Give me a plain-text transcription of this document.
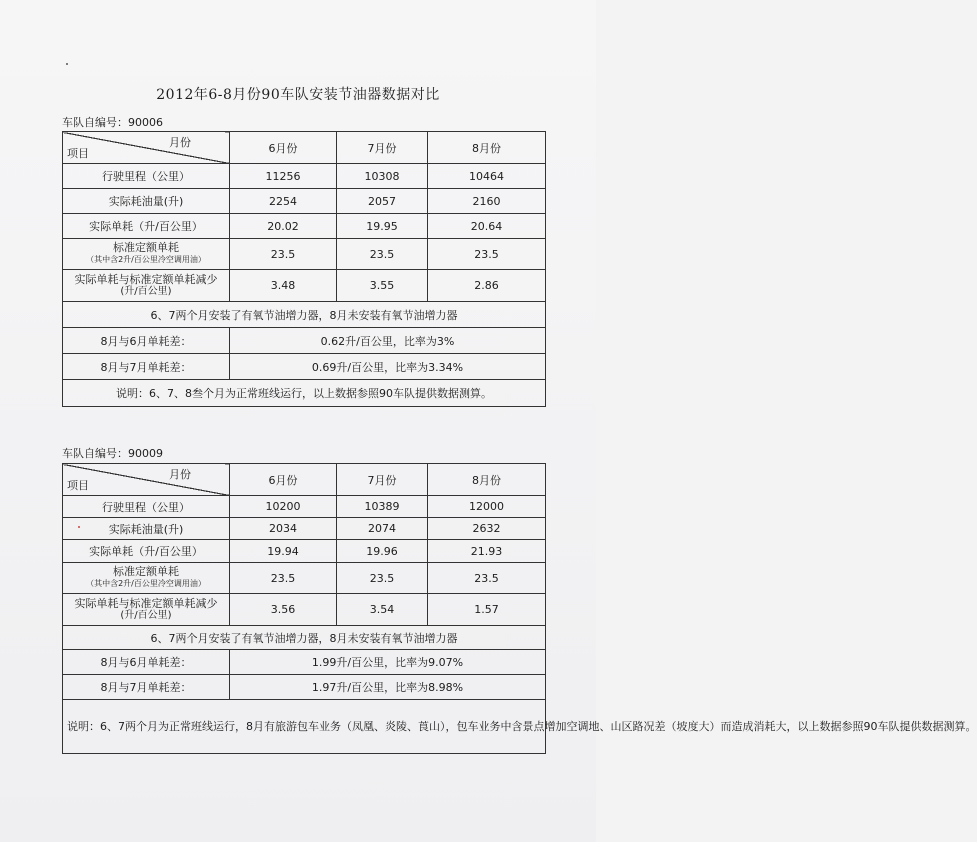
2012年6-8月份90车队安装节油器数据对比
车队自编号：90006
月份
项目	6月份	7月份	8月份
行驶里程（公里）	11256	10308	10464
实际耗油量(升)	2254	2057	2160
实际单耗（升/百公里）	20.02	19.95	20.64
标准定额单耗
（其中含2升/百公里冷空调用油）	23.5	23.5	23.5
实际单耗与标准定额单耗减少
(升/百公里)	3.48	3.55	2.86
6、7两个月安装了有氧节油增力器，8月未安装有氧节油增力器			
8月与6月单耗差：	0.62升/百公里，比率为3%		
8月与7月单耗差：	0.69升/百公里，比率为3.34%		
说明：6、7、8叁个月为正常班线运行，以上数据参照90车队提供数据测算。			
车队自编号：90009
月份
项目	6月份	7月份	8月份
行驶里程（公里）	10200	10389	12000
实际耗油量(升)	2034	2074	2632
实际单耗（升/百公里）	19.94	19.96	21.93
标准定额单耗
（其中含2升/百公里冷空调用油）	23.5	23.5	23.5
实际单耗与标准定额单耗减少
(升/百公里)	3.56	3.54	1.57
6、7两个月安装了有氧节油增力器，8月未安装有氧节油增力器			
8月与6月单耗差：	1.99升/百公里，比率为9.07%		
8月与7月单耗差：	1.97升/百公里，比率为8.98%		
说明：6、7两个月为正常班线运行，8月有旅游包车业务（凤凰、炎陵、莨山），包车业务中含景点增加空调地、山区路况差（坡度大）而造成消耗大，以上数据参照90车队提供数据测算。			
